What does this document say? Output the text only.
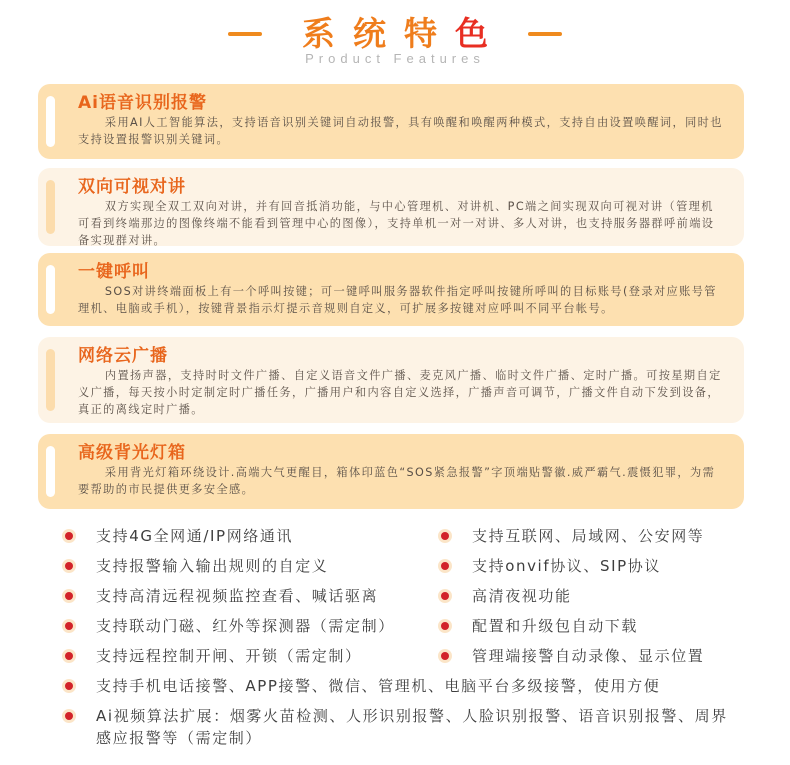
系统特色
Product Features
Ai语音识别报警

采用AI人工智能算法，支持语音识别关键词自动报警，具有唤醒和唤醒两种模式，支持自由设置唤醒词，同时也支持设置报警识别关键词。

双向可视对讲

双方实现全双工双向对讲，并有回音抵消功能，与中心管理机、对讲机、PC端之间实现双向可视对讲（管理机可看到终端那边的图像终端不能看到管理中心的图像），支持单机一对一对讲、多人对讲，也支持服务器群呼前端设备实现群对讲。

一键呼叫

SOS对讲终端面板上有一个呼叫按键；可一键呼叫服务器软件指定呼叫按键所呼叫的目标账号(登录对应账号管理机、电脑或手机），按键背景指示灯提示音规则自定义，可扩展多按键对应呼叫不同平台帐号。

网络云广播

内置扬声器，支持时时文件广播、自定义语音文件广播、麦克风广播、临时文件广播、定时广播。可按星期自定义广播，每天按小时定制定时广播任务，广播用户和内容自定义选择，广播声音可调节，广播文件自动下发到设备，真正的离线定时广播。

高级背光灯箱

采用背光灯箱环绕设计.高端大气更醒目，箱体印蓝色“SOS紧急报警”字顶端贴警徽.威严霸气.震慑犯罪，为需要帮助的市民提供更多安全感。

支持4G全网通/IP网络通讯
支持报警输入输出规则的自定义
支持高清远程视频监控查看、喊话驱离
支持联动门磁、红外等探测器（需定制）
支持远程控制开闸、开锁（需定制）
支持互联网、局域网、公安网等
支持onvif协议、SIP协议
高清夜视功能
配置和升级包自动下载
管理端接警自动录像、显示位置
支持手机电话接警、APP接警、微信、管理机、电脑平台多级接警，使用方便
Ai视频算法扩展：烟雾火苗检测、人形识别报警、人脸识别报警、语音识别报警、周界感应报警等（需定制）
